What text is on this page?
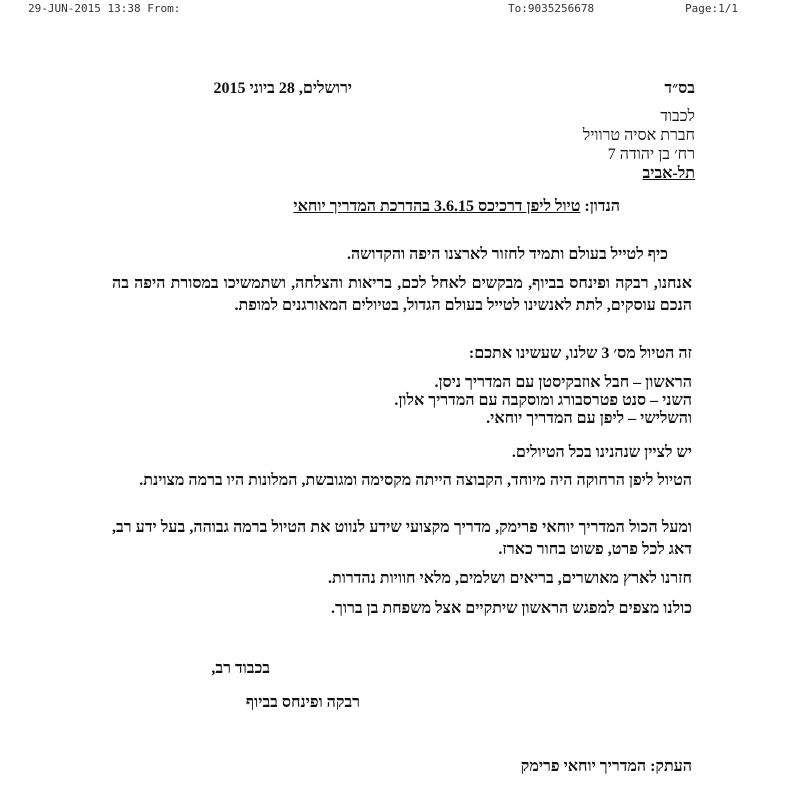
29-JUN-2015 13:38 From:	To:9035256678	Page:1/1
בס״ד
ירושלים, 28 ביוני 2015
לכבוד
חברת אסיה טרוויל
רח׳ בן יהודה 7
תל-אביב
הנדון: טיול ליפן דרכיכס 3.6.15 בהדרכת המדריך יוחאי
כיף לטייל בעולם ותמיד לחזור לארצנו היפה והקדושה.
אנחנו, רבקה ופינחס בביוף, מבקשים לאחל לכם, בריאות והצלחה, ושתמשיכו במסורת היפה בה הנכם עוסקים, לתת לאנשינו לטייל בעולם הגדול, בטיולים המאורגנים למופת.
זה הטיול מס׳ 3 שלנו, שעשינו אתכם:
הראשון – חבל אוזבקיסטן עם המדריך ניסן.
השני – סנט פטרסבורג ומוסקבה עם המדריך אלון.
והשלישי – ליפן עם המדריך יוחאי.
יש לציין שנהנינו בכל הטיולים.
הטיול ליפן הרחוקה היה מיוחד, הקבוצה הייתה מקסימה ומגובשת, המלונות היו ברמה מצוינת.
ומעל הכול המדריך יוחאי פרימק, מדריך מקצועי שידע לנווט את הטיול ברמה גבוהה, בעל ידע רב, דאג לכל פרט, פשוט בחור כארז.
חזרנו לארץ מאושרים, בריאים ושלמים, מלאי חוויות נהדרות.
כולנו מצפים למפגש הראשון שיתקיים אצל משפחת בן ברוך.
בכבוד רב,
רבקה ופינחס בביוף
העתק: המדריך יוחאי פרימק
